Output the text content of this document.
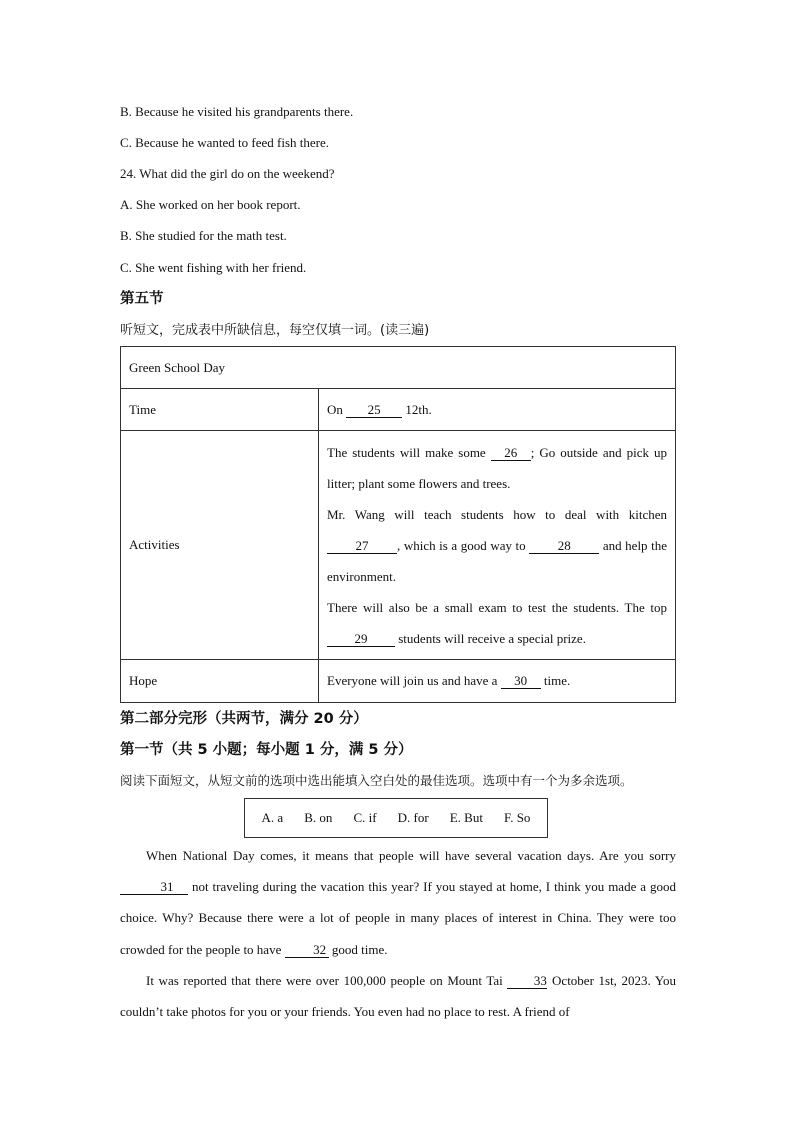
B. Because he visited his grandparents there.
C. Because he wanted to feed fish there.
24. What did the girl do on the weekend?
A. She worked on her book report.
B. She studied for the math test.
C. She went fishing with her friend.
第五节
听短文，完成表中所缺信息，每空仅填一词。(读三遍)
Green School Day	
Time	On 25 12th.
Activities	The students will make some 26 ; Go outside and pick up litter; plant some flowers and trees.

Mr. Wang will teach students how to deal with kitchen 27 , which is a good way to 28 and help the environment.

There will also be a small exam to test the students. The top 29 students will receive a special prize.

Hope	Everyone will join us and have a 30 time.
第二部分完形（共两节，满分 20 分）
第一节（共 5 小题；每小题 1 分，满 5 分）
阅读下面短文，从短文前的选项中选出能填入空白处的最佳选项。选项中有一个为多余选项。
A. a B. on C. if D. for E. But F. So

When National Day comes, it means that people will have several vacation days. Are you sorry 31 not traveling during the vacation this year? If you stayed at home, I think you made a good choice. Why? Because there were a lot of people in many places of interest in China. They were too crowded for the people to have 32 good time.

It was reported that there were over 100,000 people on Mount Tai 33 October 1st, 2023. You couldn’t take photos for you or your friends. You even had no place to rest. A friend of
